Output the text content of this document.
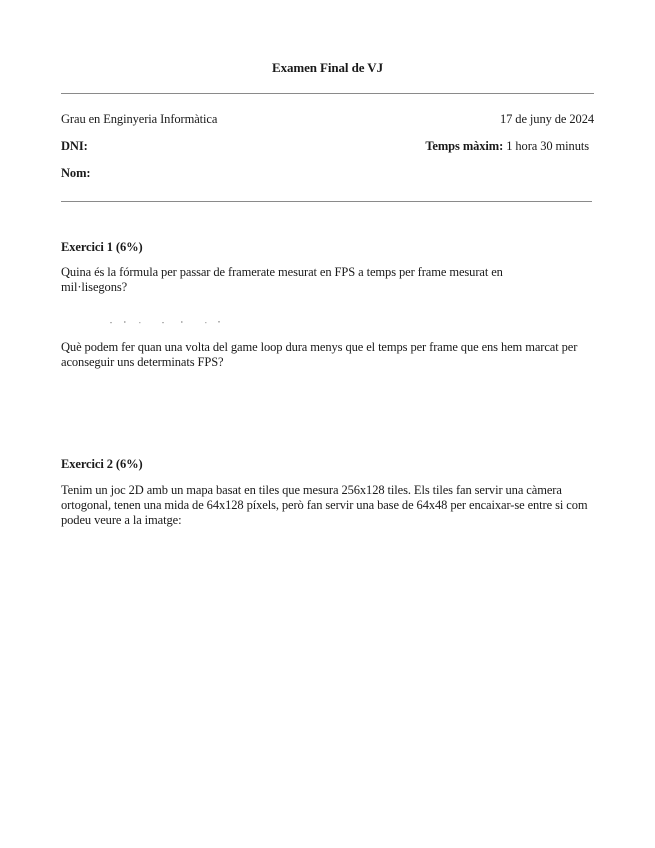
Examen Final de VJ
Grau en Enginyeria Informàtica	17 de juny de 2024
DNI:	Temps màxim: 1 hora 30 minuts
Nom:
Exercici 1 (6%)
Quina és la fórmula per passar de framerate mesurat en FPS a temps per frame mesurat en mil·lisegons?
Què podem fer quan una volta del game loop dura menys que el temps per frame que ens hem marcat per aconseguir uns determinats FPS?
Exercici 2 (6%)
Tenim un joc 2D amb un mapa basat en tiles que mesura 256x128 tiles. Els tiles fan servir una càmera ortogonal, tenen una mida de 64x128 píxels, però fan servir una base de 64x48 per encaixar-se entre si com podeu veure a la imatge:
